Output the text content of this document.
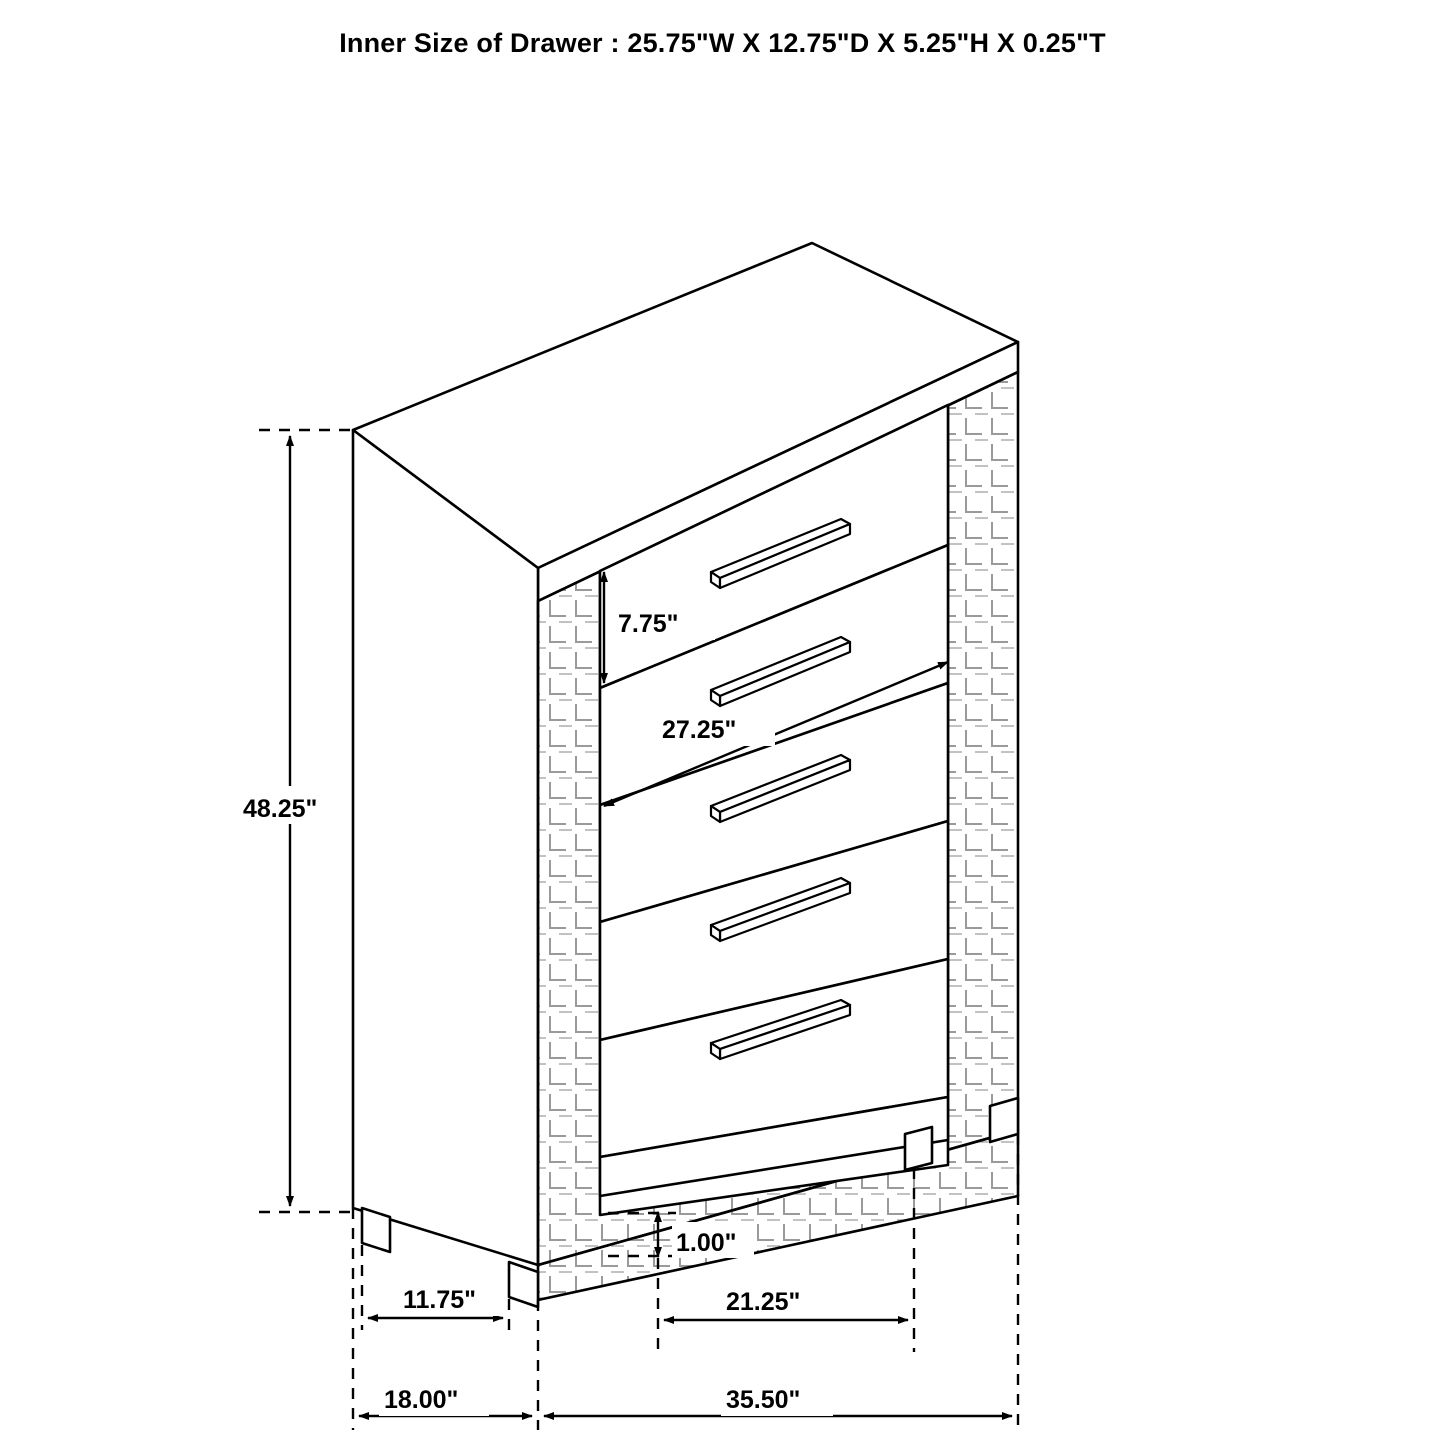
Inner Size of Drawer : 25.75"W X 12.75"D X 5.25"H X 0.25"T
48.25"
7.75"
27.25"
1.00"
11.75"	21.25"
18.00"	35.50"
